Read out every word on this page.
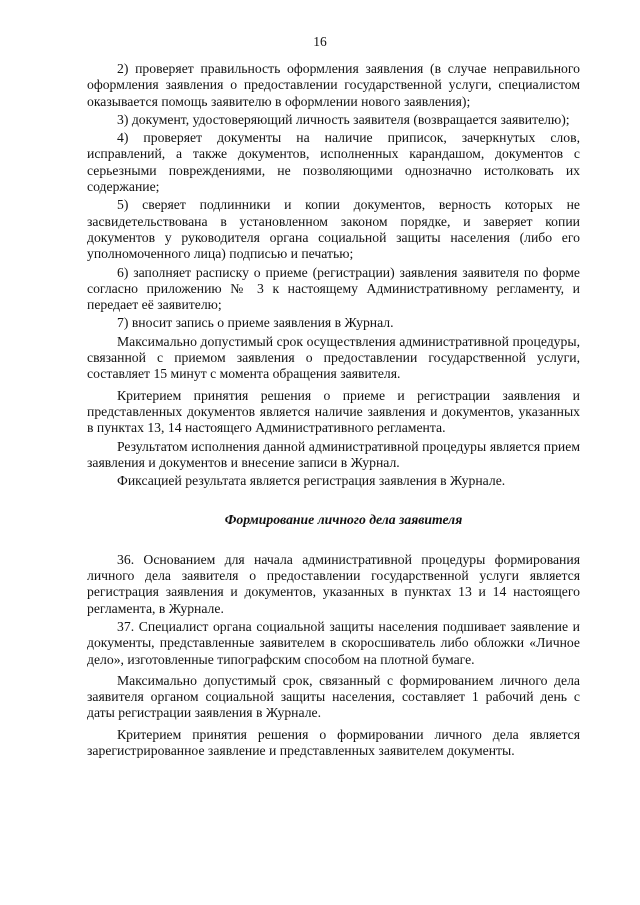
16

2) проверяет правильность оформления заявления (в случае неправильного оформления заявления о предоставлении государственной услуги, специалистом оказывается помощь заявителю в оформлении нового заявления);

3) документ, удостоверяющий личность заявителя (возвращается заявителю);

4) проверяет документы на наличие приписок, зачеркнутых слов, исправлений, а также документов, исполненных карандашом, документов с серьезными повреждениями, не позволяющими однозначно истолковать их содержание;

5) сверяет подлинники и копии документов, верность которых не засвидетельствована в установленном законом порядке, и заверяет копии документов у руководителя органа социальной защиты населения (либо его уполномоченного лица) подписью и печатью;

6) заполняет расписку о приеме (регистрации) заявления заявителя по форме согласно приложению № 3 к настоящему Административному регламенту, и передает её заявителю;

7) вносит запись о приеме заявления в Журнал.

Максимально допустимый срок осуществления административной процедуры, связанной с приемом заявления о предоставлении государственной услуги, составляет 15 минут с момента обращения заявителя.

Критерием принятия решения о приеме и регистрации заявления и представленных документов является наличие заявления и документов, указанных в пунктах 13, 14 настоящего Административного регламента.

Результатом исполнения данной административной процедуры является прием заявления и документов и внесение записи в Журнал.

Фиксацией результата является регистрация заявления в Журнале.

Формирование личного дела заявителя

36. Основанием для начала административной процедуры формирования личного дела заявителя о предоставлении государственной услуги является регистрация заявления и документов, указанных в пунктах 13 и 14 настоящего регламента, в Журнале.

37. Специалист органа социальной защиты населения подшивает заявление и документы, представленные заявителем в скоросшиватель либо обложки «Личное дело», изготовленные типографским способом на плотной бумаге.

Максимально допустимый срок, связанный с формированием личного дела заявителя органом социальной защиты населения, составляет 1 рабочий день с даты регистрации заявления в Журнале.

Критерием принятия решения о формировании личного дела является зарегистрированное заявление и представленных заявителем документы.
